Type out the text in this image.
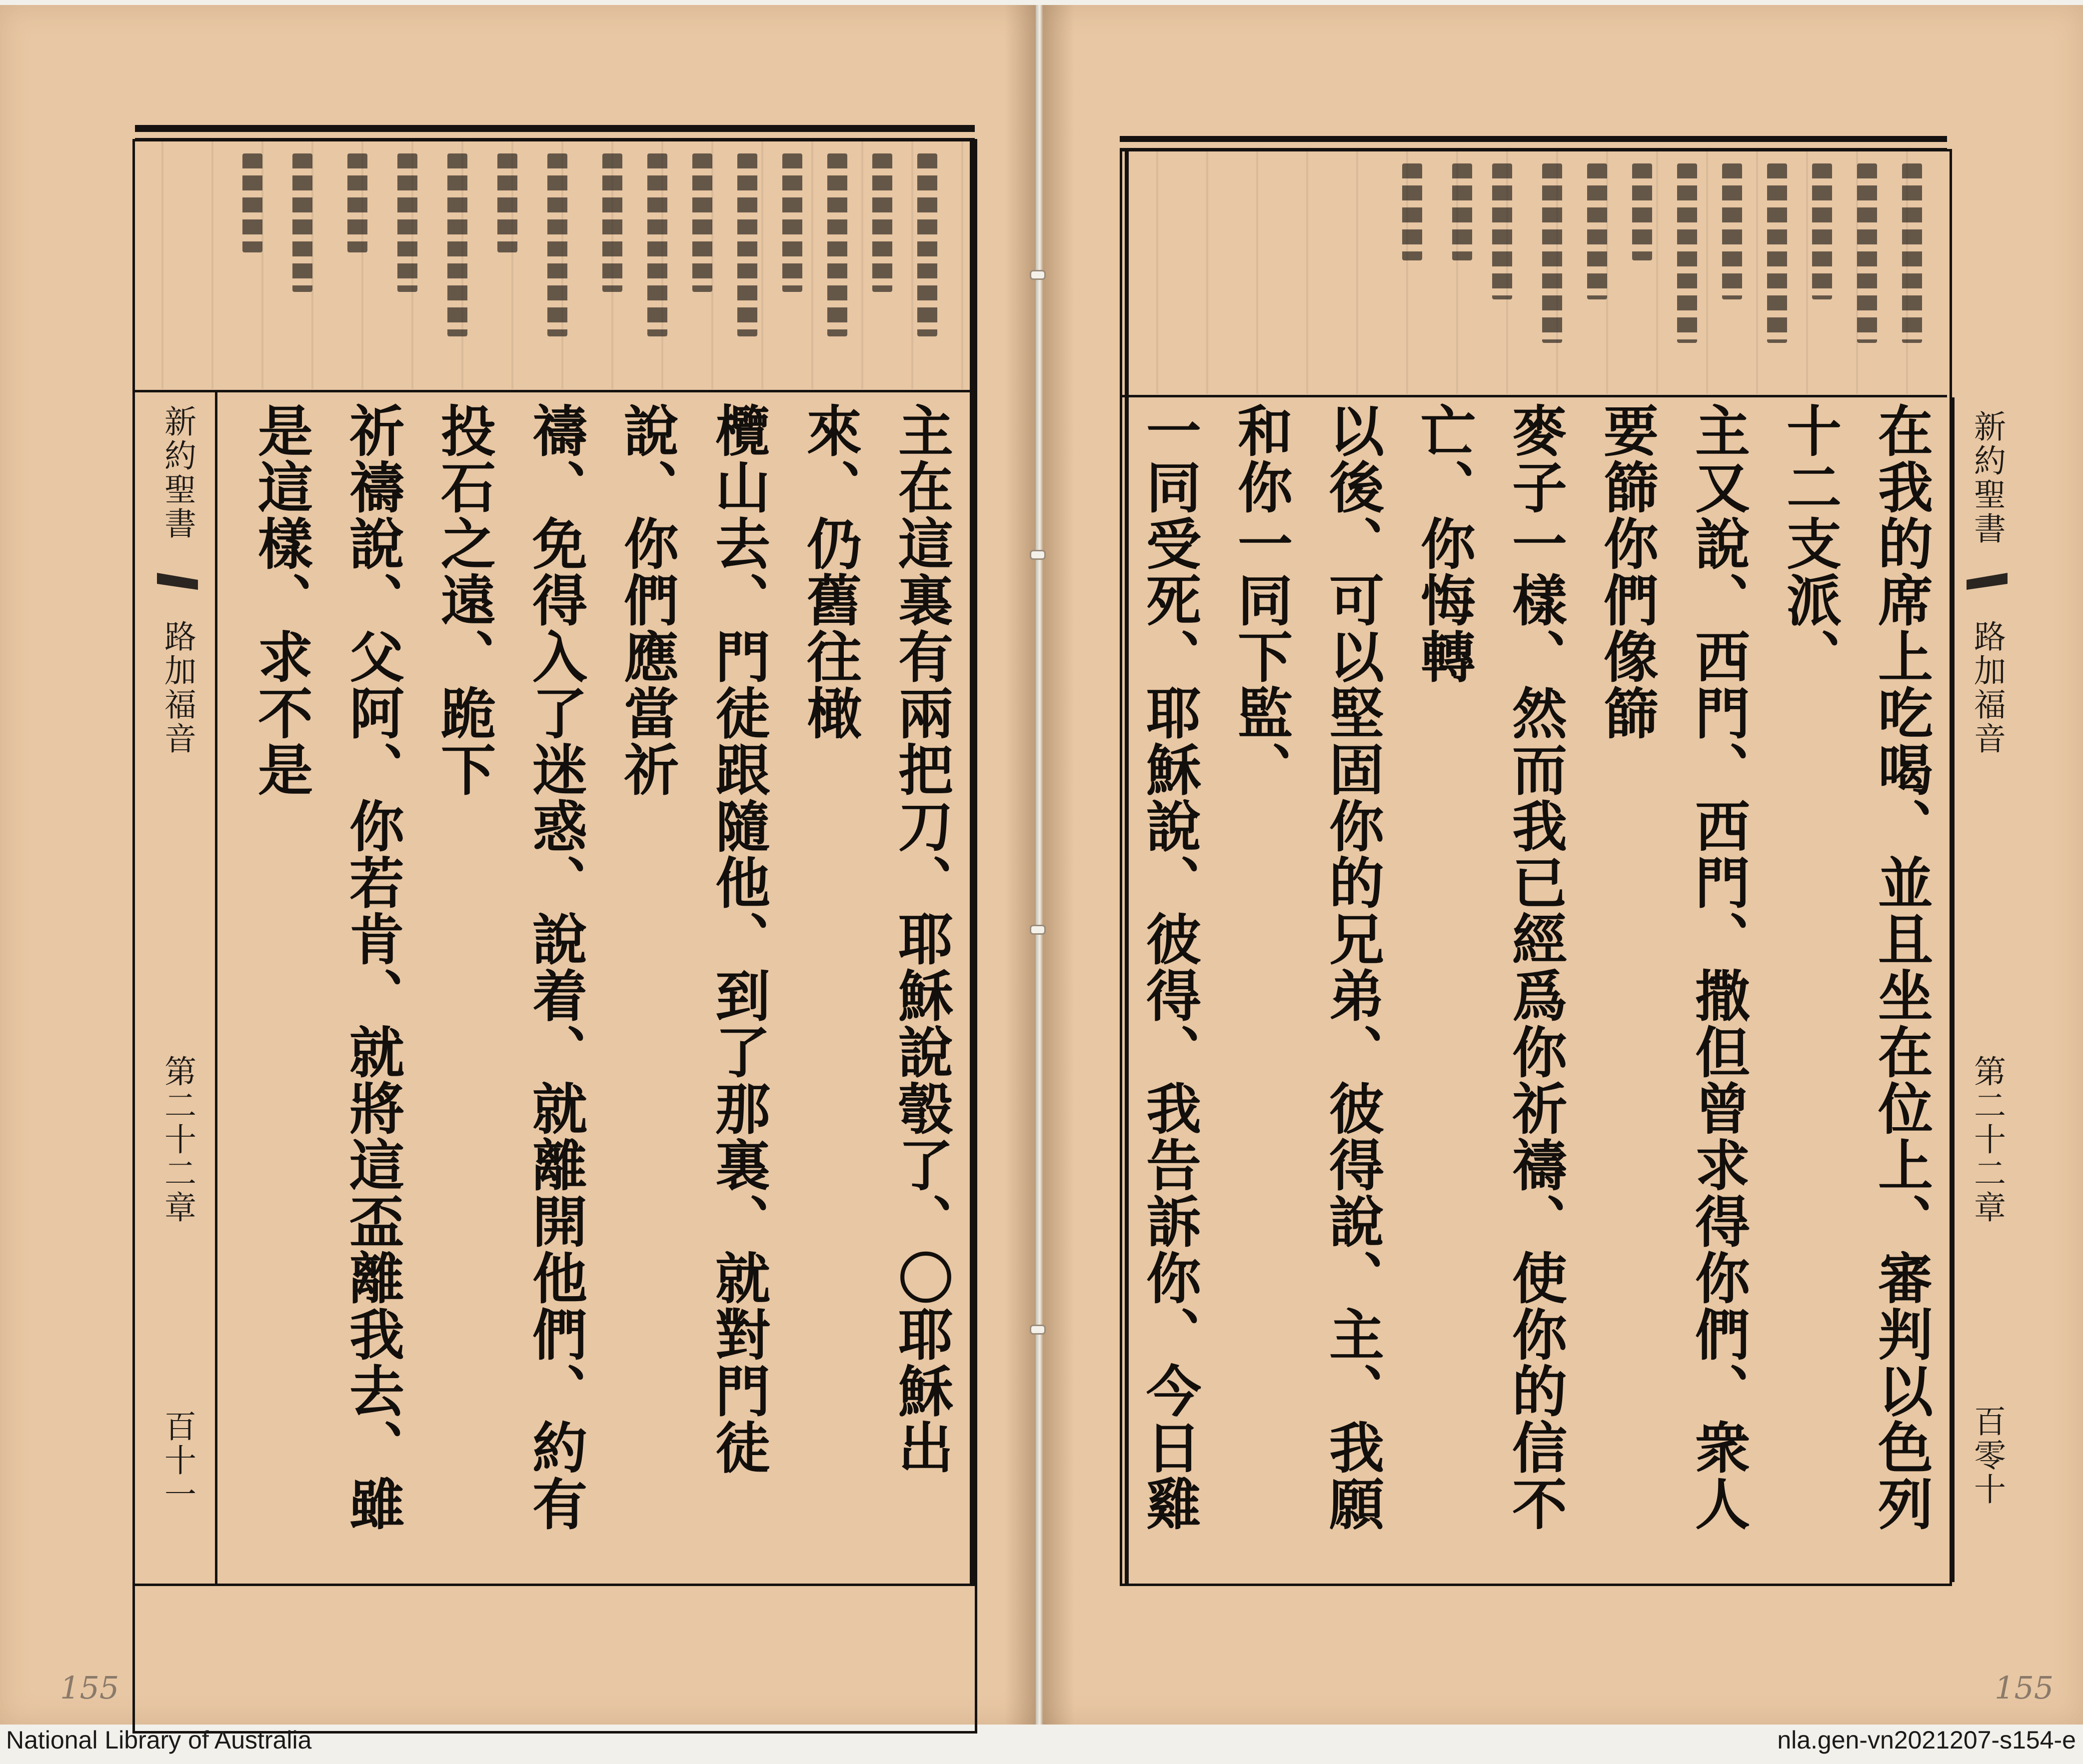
新約聖書
路加福音
第二十二章
百十一	主在這裏有兩把刀、耶穌說彀了、〇耶穌出來、仍舊往橄
欖山去、門徒跟隨他、到了那裏、就對門徒說、你們應當祈
禱、免得入了迷惑、說着、就離開他們、約有投石之遠、跪下
祈禱說、父阿、你若肯、就將這盃離我去、雖是這樣、求不是
155
在我的席上吃喝、並且坐在位上、審判以色列十二支派、
主又說、西門、西門、撒但曾求得你們、衆人要篩你們像篩
麥子一樣、然而我已經爲你祈禱、使你的信不亡、你悔轉
以後、可以堅固你的兄弟、彼得說、主、我願和你一同下監、
一同受死、耶穌說、彼得、我告訴你、今日雞
新約聖書
路加福音
第二十二章
百零十
155
National Library of Australia	nla.gen-vn2021207-s154-e
